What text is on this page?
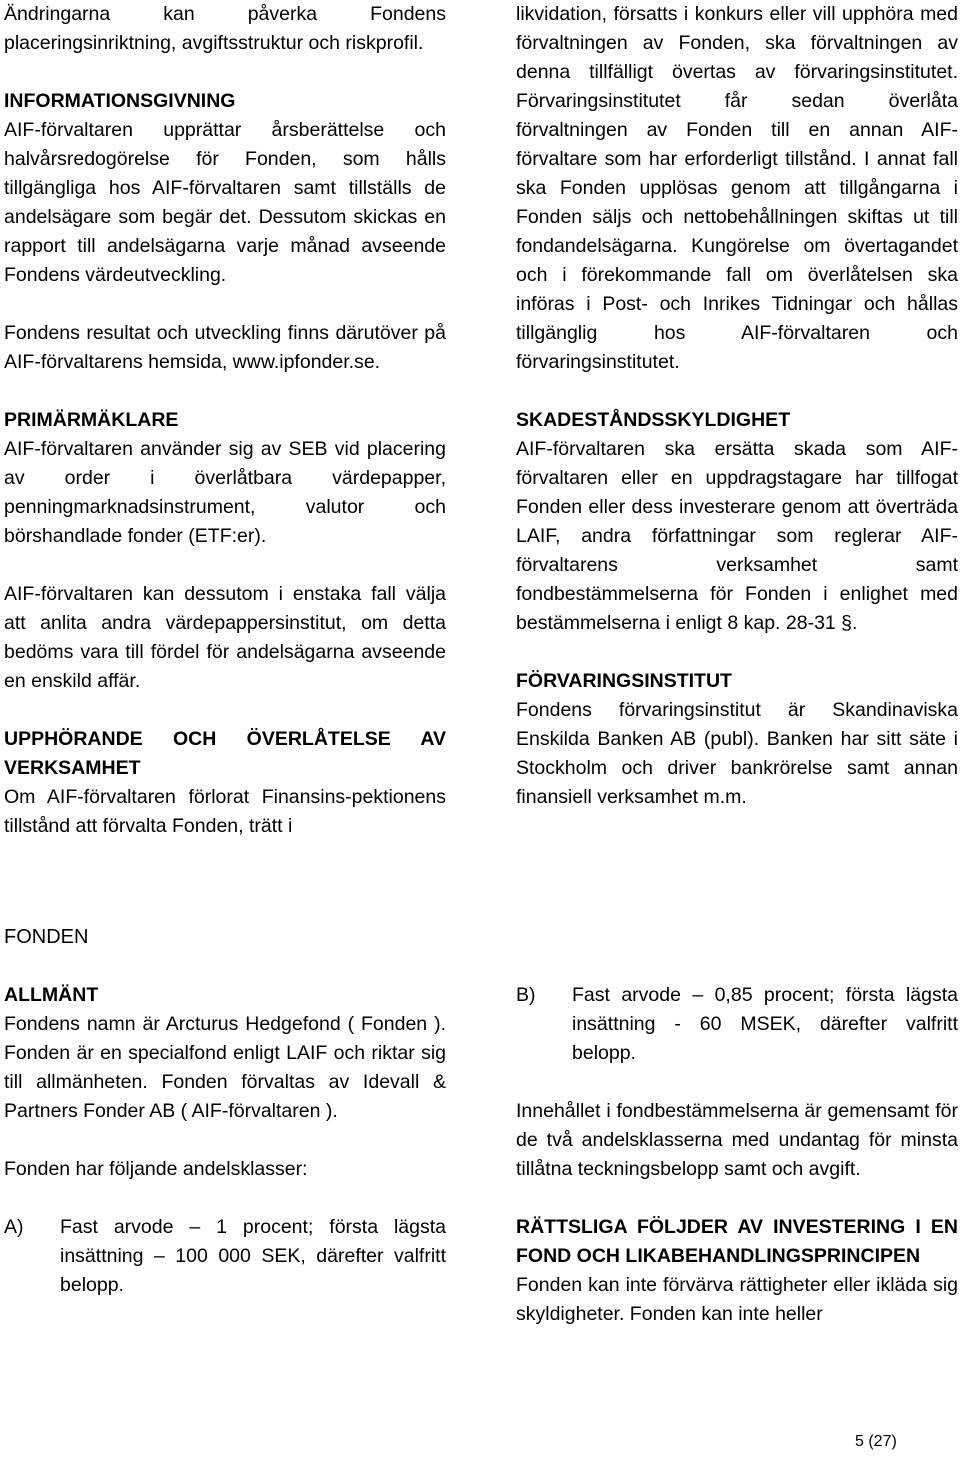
Ändringarna kan påverka Fondens placeringsinriktning, avgiftsstruktur och riskprofil.

INFORMATIONSGIVNING

AIF-förvaltaren upprättar årsberättelse och halvårsredogörelse för Fonden, som hålls tillgängliga hos AIF-förvaltaren samt tillställs de andelsägare som begär det. Dessutom skickas en rapport till andelsägarna varje månad avseende Fondens värdeutveckling.

Fondens resultat och utveckling finns därutöver på AIF-förvaltarens hemsida, www.ipfonder.se.

PRIMÄRMÄKLARE

AIF-förvaltaren använder sig av SEB vid placering av order i överlåtbara värdepapper, penningmarknadsinstrument, valutor och börshandlade fonder (ETF:er).

AIF-förvaltaren kan dessutom i enstaka fall välja att anlita andra värdepappersinstitut, om detta bedöms vara till fördel för andelsägarna avseende en enskild affär.

UPPHÖRANDE OCH ÖVERLÅTELSE AV VERKSAMHET

Om AIF-förvaltaren förlorat Finansins-pektionens tillstånd att förvalta Fonden, trätt i

likvidation, försatts i konkurs eller vill upphöra med förvaltningen av Fonden, ska förvaltningen av denna tillfälligt övertas av förvaringsinstitutet. Förvaringsinstitutet får sedan överlåta förvaltningen av Fonden till en annan AIF-förvaltare som har erforderligt tillstånd. I annat fall ska Fonden upplösas genom att tillgångarna i Fonden säljs och nettobehållningen skiftas ut till fondandelsägarna. Kungörelse om övertagandet och i förekommande fall om överlåtelsen ska införas i Post- och Inrikes Tidningar och hållas tillgänglig hos AIF-förvaltaren och förvaringsinstitutet.

SKADESTÅNDSSKYLDIGHET

AIF-förvaltaren ska ersätta skada som AIF-förvaltaren eller en uppdragstagare har tillfogat Fonden eller dess investerare genom att överträda LAIF, andra författningar som reglerar AIF-förvaltarens verksamhet samt fondbestämmelserna för Fonden i enlighet med bestämmelserna i enligt 8 kap. 28-31 §.

FÖRVARINGSINSTITUT

Fondens förvaringsinstitut är Skandinaviska Enskilda Banken AB (publ). Banken har sitt säte i Stockholm och driver bankrörelse samt annan finansiell verksamhet m.m.

FONDEN

ALLMÄNT

Fondens namn är Arcturus Hedgefond ( Fonden ). Fonden är en specialfond enligt LAIF och riktar sig till allmänheten. Fonden förvaltas av Idevall & Partners Fonder AB ( AIF-förvaltaren ).

Fonden har följande andelsklasser:

A)	Fast arvode – 1 procent; första lägsta insättning – 100 000 SEK, därefter valfritt belopp.
B)	Fast arvode – 0,85 procent; första lägsta insättning - 60 MSEK, därefter valfritt belopp.

Innehållet i fondbestämmelserna är gemensamt för de två andelsklasserna med undantag för minsta tillåtna teckningsbelopp samt och avgift.

RÄTTSLIGA FÖLJDER AV INVESTERING I EN FOND OCH LIKABEHANDLINGSPRINCIPEN

Fonden kan inte förvärva rättigheter eller ikläda sig skyldigheter. Fonden kan inte heller

5 (27)
